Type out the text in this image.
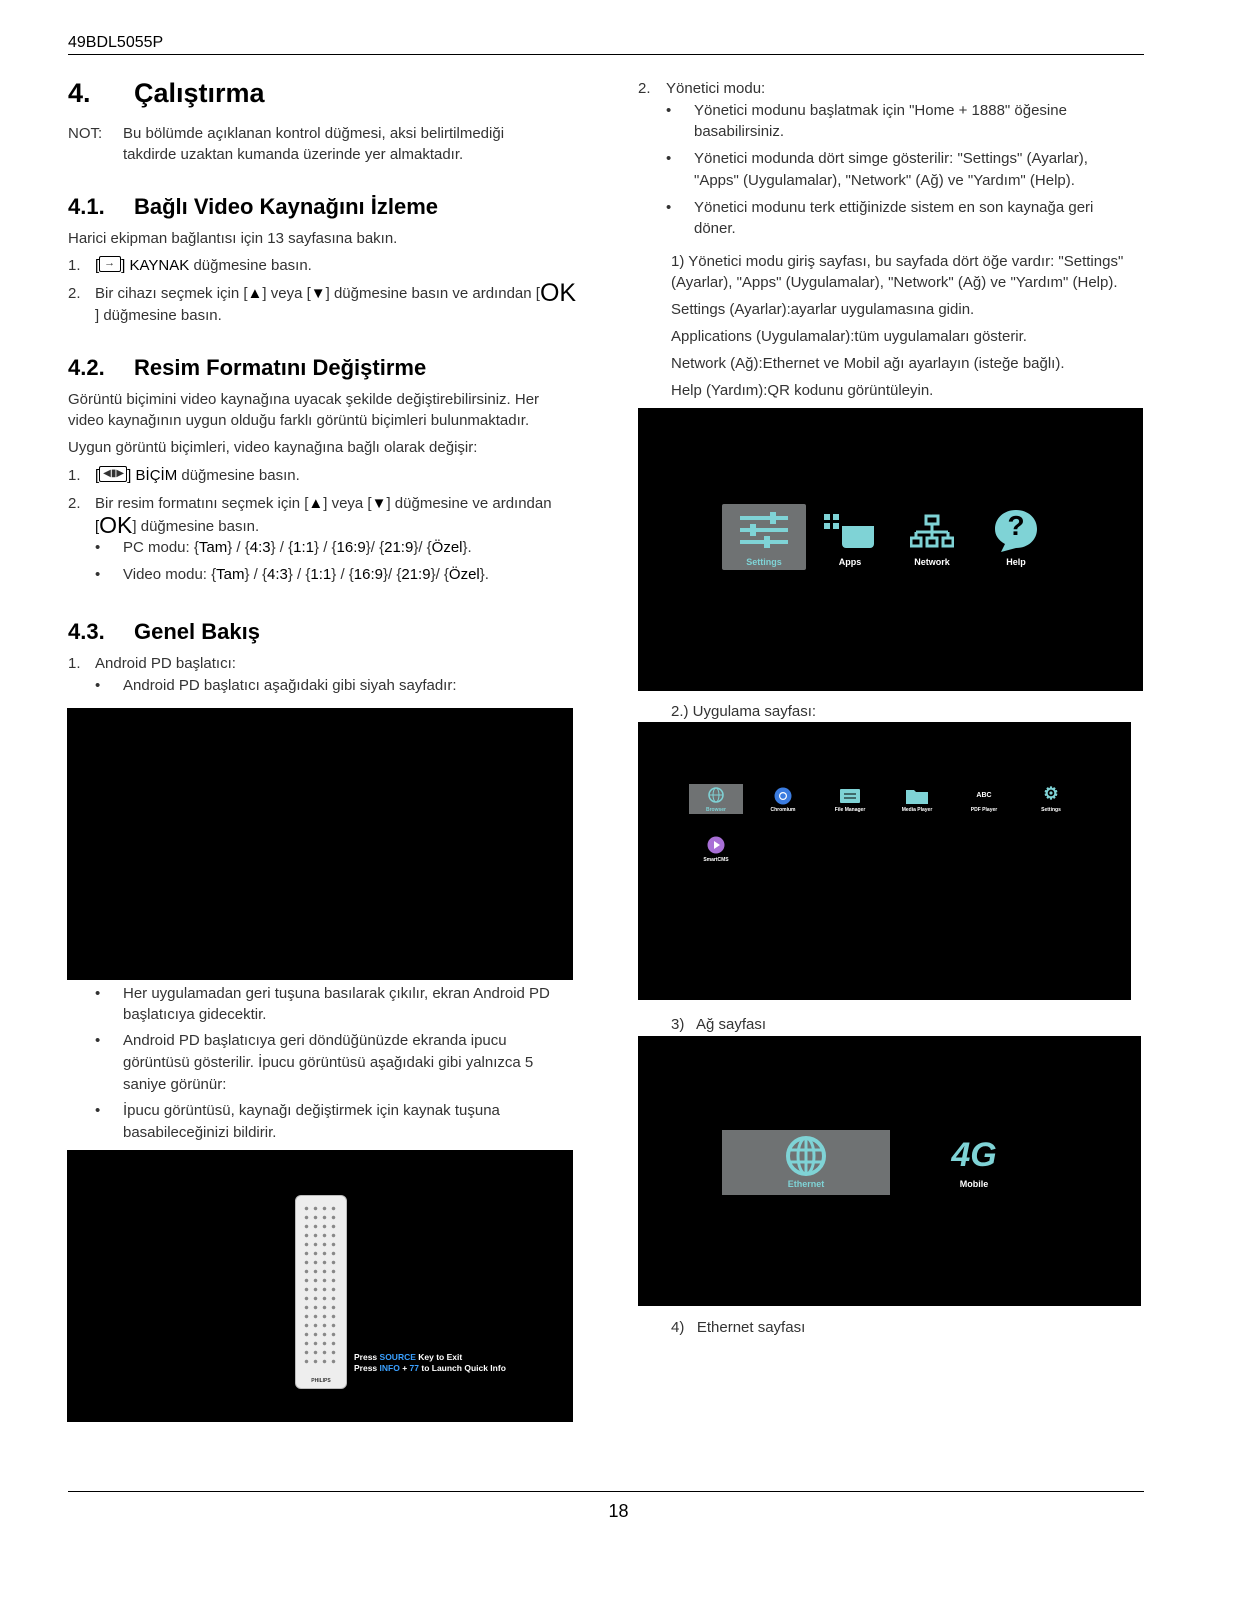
49BDL5055P
4. Çalıştırma
NOT: Bu bölümde açıklanan kontrol düğmesi, aksi belirtilmediği
takdirde uzaktan kumanda üzerinde yer almaktadır.
4.1. Bağlı Video Kaynağını İzleme
Harici ekipman bağlantısı için 13 sayfasına bakın.
1. [ → ] KAYNAK düğmesine basın.
2. Bir cihazı seçmek için [▲] veya [▼] düğmesine basın ve ardından [OK
] düğmesine basın.
4.2. Resim Formatını Değiştirme
Görüntü biçimini video kaynağına uyacak şekilde değiştirebilirsiniz. Her
video kaynağının uygun olduğu farklı görüntü biçimleri bulunmaktadır.
Uygun görüntü biçimleri, video kaynağına bağlı olarak değişir:
1. [ ◀▮▶ ] BİÇİM düğmesine basın.
2. Bir resim formatını seçmek için [▲] veya [▼] düğmesine ve ardından
[OK] düğmesine basın.
• PC modu: {Tam} / {4:3} / {1:1} / {16:9}/ {21:9}/ {Özel}.
• Video modu: {Tam} / {4:3} / {1:1} / {16:9}/ {21:9}/ {Özel}.
4.3. Genel Bakış
1. Android PD başlatıcı:
• Android PD başlatıcı aşağıdaki gibi siyah sayfadır:
• Her uygulamadan geri tuşuna basılarak çıkılır, ekran Android PD
başlatıcıya gidecektir.
• Android PD başlatıcıya geri döndüğünüzde ekranda ipucu
görüntüsü gösterilir. İpucu görüntüsü aşağıdaki gibi yalnızca 5
saniye görünür:
• İpucu görüntüsü, kaynağı değiştirmek için kaynak tuşuna
basabileceğinizi bildirir.
PHILIPS
Press SOURCE Key to Exit
Press INFO + 77 to Launch Quick Info
2. Yönetici modu:
• Yönetici modunu başlatmak için "Home + 1888" öğesine
basabilirsiniz.
• Yönetici modunda dört simge gösterilir: "Settings" (Ayarlar),
"Apps" (Uygulamalar), "Network" (Ağ) ve "Yardım" (Help).
• Yönetici modunu terk ettiğinizde sistem en son kaynağa geri
döner.
1) Yönetici modu giriş sayfası, bu sayfada dört öğe vardır: "Settings"
(Ayarlar), "Apps" (Uygulamalar), "Network" (Ağ) ve "Yardım" (Help).
Settings (Ayarlar):ayarlar uygulamasına gidin.
Applications (Uygulamalar):tüm uygulamaları gösterir.
Network (Ağ):Ethernet ve Mobil ağı ayarlayın (isteğe bağlı).
Help (Yardım):QR kodunu görüntüleyin.
Settings	Apps	Network
?
Help
2.) Uygulama sayfası:
Browser	Chromium	File Manager	Media Player
ABC
PDF Player
⚙
Settings
SmartCMS
3)   Ağ sayfası
Ethernet
4G
Mobile
4)   Ethernet sayfası
18
